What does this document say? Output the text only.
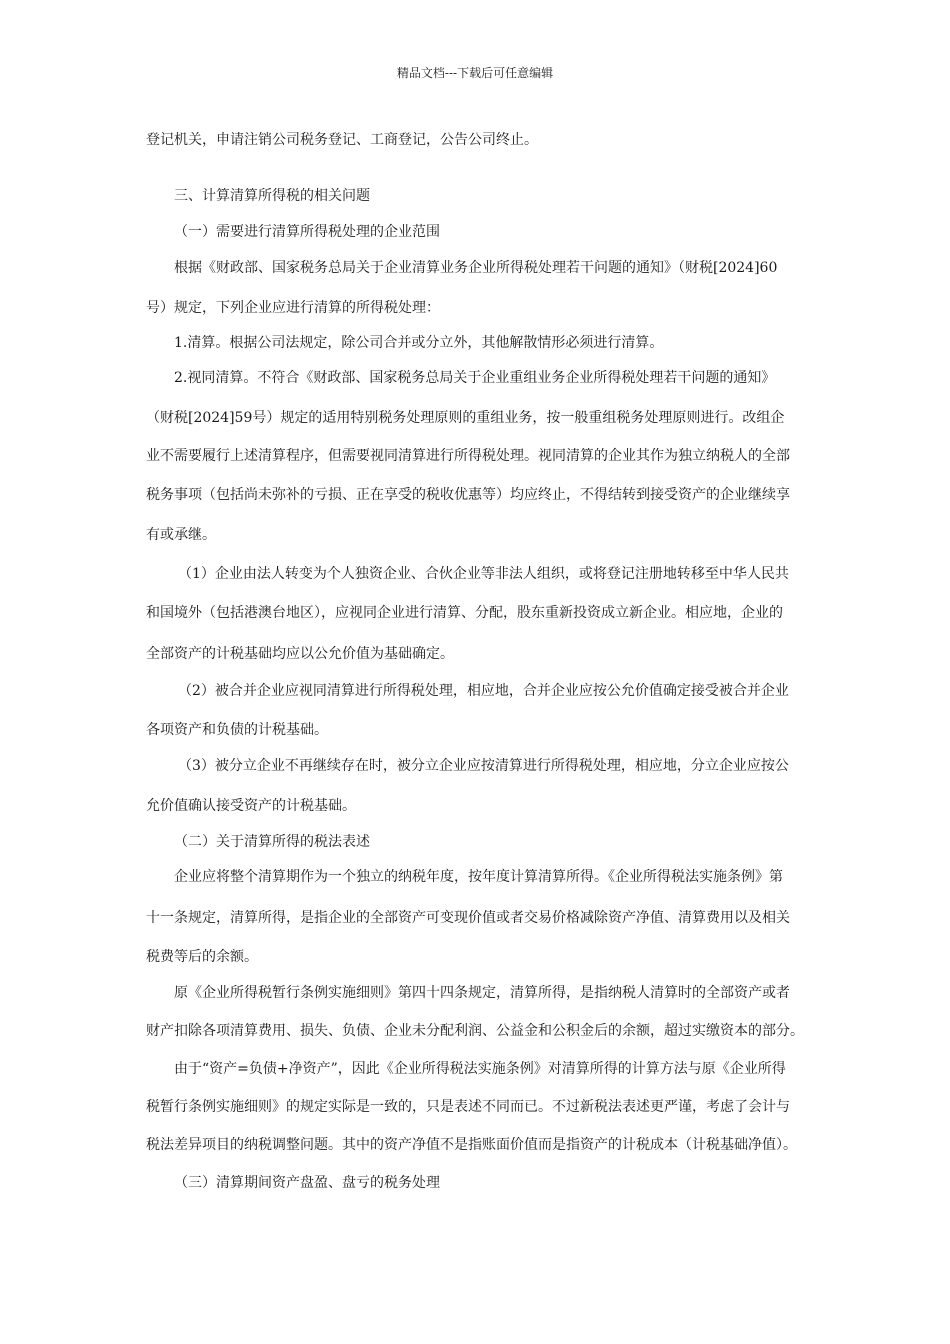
精品文档---下载后可任意编辑
登记机关，申请注销公司税务登记、工商登记，公告公司终止。
三、计算清算所得税的相关问题
（一）需要进行清算所得税处理的企业范围
根据《财政部、国家税务总局关于企业清算业务企业所得税处理若干问题的通知》（财税[2024]60
号）规定，下列企业应进行清算的所得税处理：
1.清算。根据公司法规定，除公司合并或分立外，其他解散情形必须进行清算。
2.视同清算。不符合《财政部、国家税务总局关于企业重组业务企业所得税处理若干问题的通知》
（财税[2024]59号）规定的适用特别税务处理原则的重组业务，按一般重组税务处理原则进行。改组企
业不需要履行上述清算程序，但需要视同清算进行所得税处理。视同清算的企业其作为独立纳税人的全部
税务事项（包括尚未弥补的亏损、正在享受的税收优惠等）均应终止，不得结转到接受资产的企业继续享
有或承继。
（1）企业由法人转变为个人独资企业、合伙企业等非法人组织，或将登记注册地转移至中华人民共
和国境外（包括港澳台地区），应视同企业进行清算、分配，股东重新投资成立新企业。相应地，企业的
全部资产的计税基础均应以公允价值为基础确定。
（2）被合并企业应视同清算进行所得税处理，相应地，合并企业应按公允价值确定接受被合并企业
各项资产和负债的计税基础。
（3）被分立企业不再继续存在时，被分立企业应按清算进行所得税处理，相应地，分立企业应按公
允价值确认接受资产的计税基础。
（二）关于清算所得的税法表述
企业应将整个清算期作为一个独立的纳税年度，按年度计算清算所得。《企业所得税法实施条例》第
十一条规定，清算所得，是指企业的全部资产可变现价值或者交易价格减除资产净值、清算费用以及相关
税费等后的余额。
原《企业所得税暂行条例实施细则》第四十四条规定，清算所得，是指纳税人清算时的全部资产或者
财产扣除各项清算费用、损失、负债、企业未分配利润、公益金和公积金后的余额，超过实缴资本的部分。
由于“资产=负债+净资产”，因此《企业所得税法实施条例》对清算所得的计算方法与原《企业所得
税暂行条例实施细则》的规定实际是一致的，只是表述不同而已。不过新税法表述更严谨，考虑了会计与
税法差异项目的纳税调整问题。其中的资产净值不是指账面价值而是指资产的计税成本（计税基础净值）。
（三）清算期间资产盘盈、盘亏的税务处理
